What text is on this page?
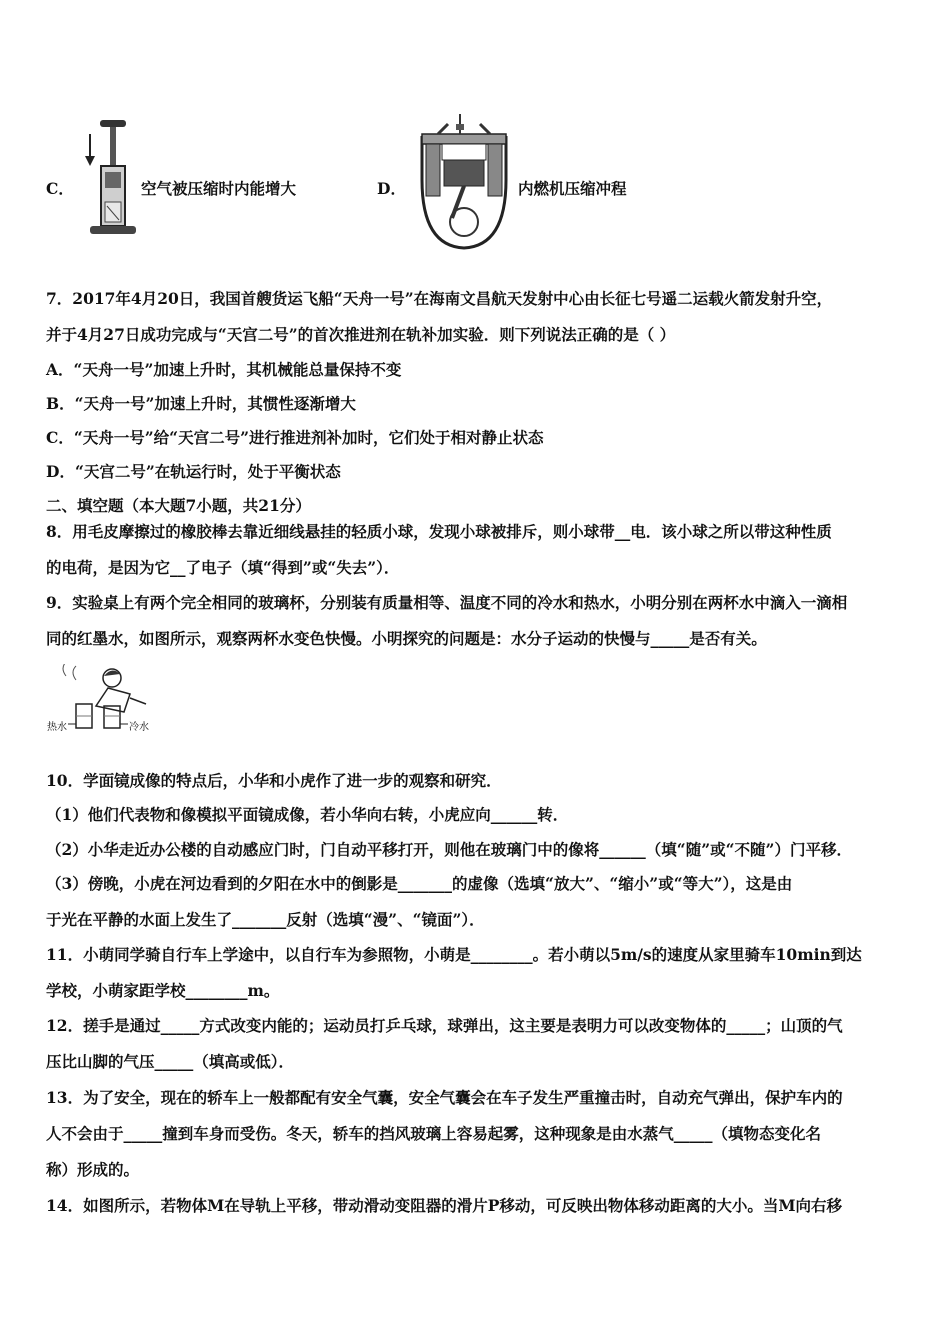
C．	空气被压缩时内能增大	D．	内燃机压缩冲程
7．2017年4月20日，我国首艘货运飞船“天舟一号”在海南文昌航天发射中心由长征七号遥二运载火箭发射升空，
并于4月27日成功完成与“天宫二号”的首次推进剂在轨补加实验．则下列说法正确的是（ ）
A．“天舟一号”加速上升时，其机械能总量保持不变
B．“天舟一号”加速上升时，其惯性逐渐增大
C．“天舟一号”给“天宫二号”进行推进剂补加时，它们处于相对静止状态
D．“天宫二号”在轨运行时，处于平衡状态
二、填空题（本大题7小题，共21分）
8．用毛皮摩擦过的橡胶棒去靠近细线悬挂的轻质小球，发现小球被排斥，则小球带__电．该小球之所以带这种性质
的电荷，是因为它__了电子（填“得到”或“失去”）．
9．实验桌上有两个完全相同的玻璃杯，分别装有质量相等、温度不同的冷水和热水，小明分别在两杯水中滴入一滴相
同的红墨水，如图所示，观察两杯水变色快慢。小明探究的问题是：水分子运动的快慢与_____是否有关。
热水	冷水
10．学面镜成像的特点后，小华和小虎作了进一步的观察和研究．
（1）他们代表物和像模拟平面镜成像，若小华向右转，小虎应向______转．
（2）小华走近办公楼的自动感应门时，门自动平移打开，则他在玻璃门中的像将______（填“随”或“不随”）门平移．
（3）傍晚，小虎在河边看到的夕阳在水中的倒影是_______的虚像（选填“放大”、“缩小”或“等大”），这是由
于光在平静的水面上发生了_______反射（选填“漫”、“镜面”）．
11．小萌同学骑自行车上学途中，以自行车为参照物，小萌是________。若小萌以5m/s的速度从家里骑车10min到达
学校，小萌家距学校________m。
12．搓手是通过_____方式改变内能的；运动员打乒乓球，球弹出，这主要是表明力可以改变物体的_____；山顶的气
压比山脚的气压_____（填高或低）．
13．为了安全，现在的轿车上一般都配有安全气囊，安全气囊会在车子发生严重撞击时，自动充气弹出，保护车内的
人不会由于_____撞到车身而受伤。冬天，轿车的挡风玻璃上容易起雾，这种现象是由水蒸气_____（填物态变化名
称）形成的。
14．如图所示，若物体M在导轨上平移，带动滑动变阻器的滑片P移动，可反映出物体移动距离的大小。当M向右移
